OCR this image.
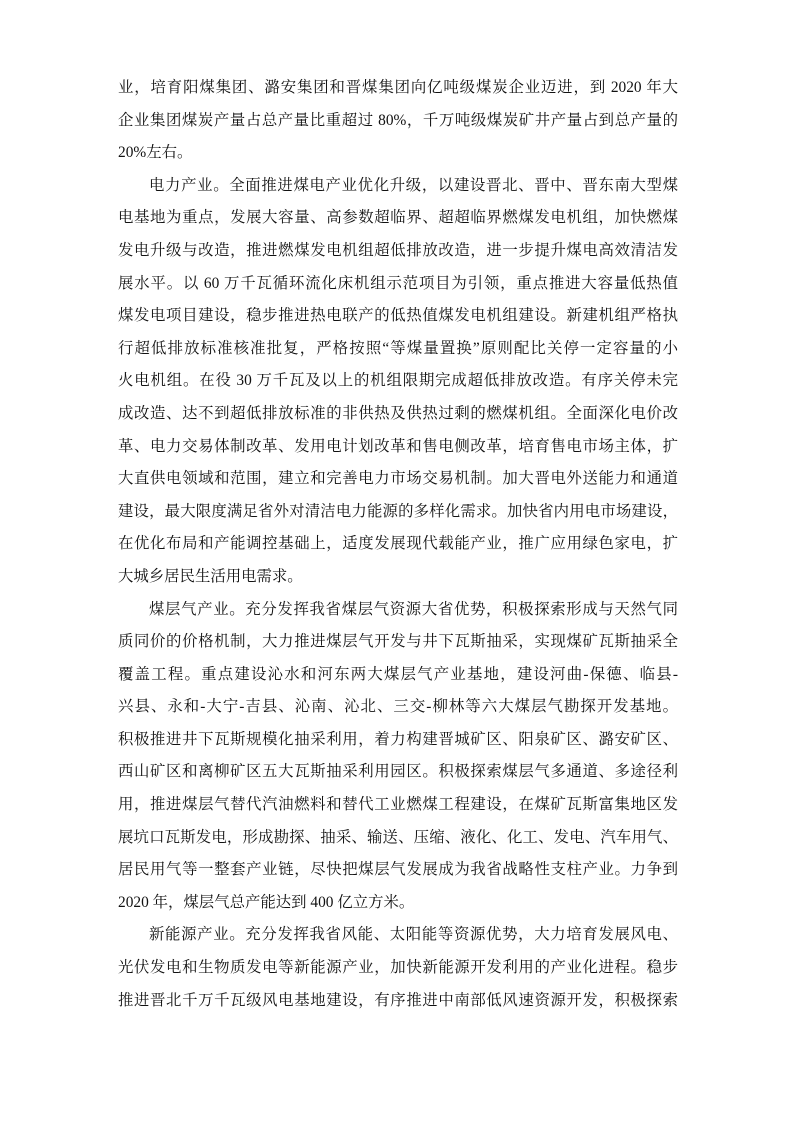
业，培育阳煤集团、潞安集团和晋煤集团向亿吨级煤炭企业迈进，到 2020 年大
企业集团煤炭产量占总产量比重超过 80%，千万吨级煤炭矿井产量占到总产量的
20%左右。
电力产业。全面推进煤电产业优化升级，以建设晋北、晋中、晋东南大型煤
电基地为重点，发展大容量、高参数超临界、超超临界燃煤发电机组，加快燃煤
发电升级与改造，推进燃煤发电机组超低排放改造，进一步提升煤电高效清洁发
展水平。以 60 万千瓦循环流化床机组示范项目为引领，重点推进大容量低热值
煤发电项目建设，稳步推进热电联产的低热值煤发电机组建设。新建机组严格执
行超低排放标准核准批复，严格按照“等煤量置换”原则配比关停一定容量的小
火电机组。在役 30 万千瓦及以上的机组限期完成超低排放改造。有序关停未完
成改造、达不到超低排放标准的非供热及供热过剩的燃煤机组。全面深化电价改
革、电力交易体制改革、发用电计划改革和售电侧改革，培育售电市场主体，扩
大直供电领域和范围，建立和完善电力市场交易机制。加大晋电外送能力和通道
建设，最大限度满足省外对清洁电力能源的多样化需求。加快省内用电市场建设，
在优化布局和产能调控基础上，适度发展现代载能产业，推广应用绿色家电，扩
大城乡居民生活用电需求。
煤层气产业。充分发挥我省煤层气资源大省优势，积极探索形成与天然气同
质同价的价格机制，大力推进煤层气开发与井下瓦斯抽采，实现煤矿瓦斯抽采全
覆盖工程。重点建设沁水和河东两大煤层气产业基地，建设河曲-保德、临县-
兴县、永和-大宁-吉县、沁南、沁北、三交-柳林等六大煤层气勘探开发基地。
积极推进井下瓦斯规模化抽采利用，着力构建晋城矿区、阳泉矿区、潞安矿区、
西山矿区和离柳矿区五大瓦斯抽采利用园区。积极探索煤层气多通道、多途径利
用，推进煤层气替代汽油燃料和替代工业燃煤工程建设，在煤矿瓦斯富集地区发
展坑口瓦斯发电，形成勘探、抽采、输送、压缩、液化、化工、发电、汽车用气、
居民用气等一整套产业链，尽快把煤层气发展成为我省战略性支柱产业。力争到
2020 年，煤层气总产能达到 400 亿立方米。
新能源产业。充分发挥我省风能、太阳能等资源优势，大力培育发展风电、
光伏发电和生物质发电等新能源产业，加快新能源开发利用的产业化进程。稳步
推进晋北千万千瓦级风电基地建设，有序推进中南部低风速资源开发，积极探索
